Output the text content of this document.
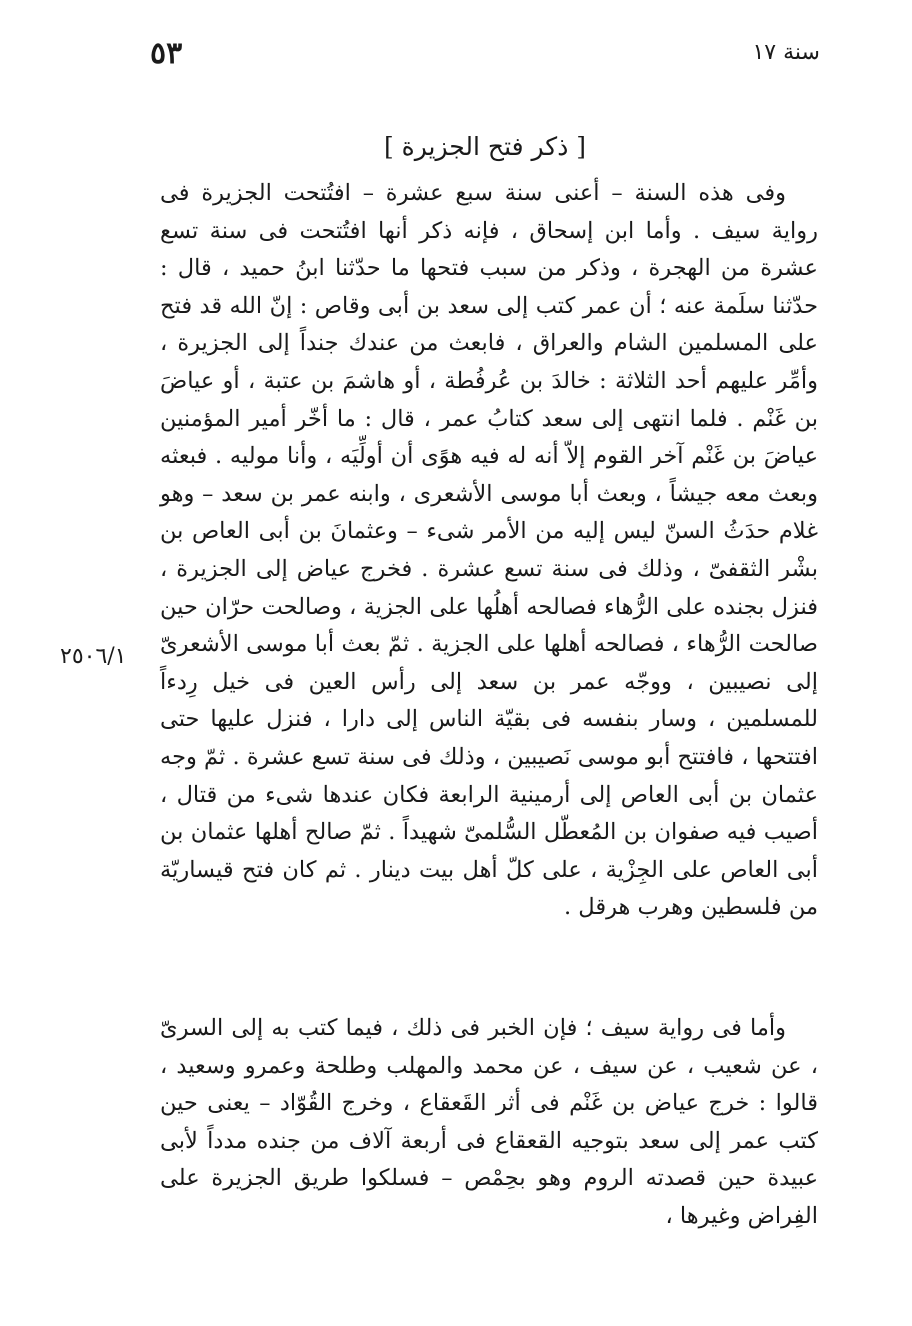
سنة ١٧
٥٣
[ ذكر فتح الجزيرة ]

وفى هذه السنة – أعنى سنة سبع عشرة – افتُتحت الجزيرة فى رواية سيف . وأما ابن إسحاق ، فإنه ذكر أنها افتُتحت فى سنة تسع عشرة من الهجرة ، وذكر من سبب فتحها ما حدّثنا ابنُ حميد ، قال : حدّثنا سلَمة عنه ؛ أن عمر كتب إلى سعد بن أبى وقاص : إنّ الله قد فتح على المسلمين الشام والعراق ، فابعث من عندك جنداً إلى الجزيرة ، وأمِّر عليهم أحد الثلاثة : خالدَ بن عُرفُطة ، أو هاشمَ بن عتبة ، أو عياضَ بن غَنْم . فلما انتهى إلى سعد كتابُ عمر ، قال : ما أخّر أمير المؤمنين عياضَ بن غَنْم آخر القوم إلاّ أنه له فيه هوًى أن أولِّيَه ، وأنا موليه . فبعثه وبعث معه جيشاً ، وبعث أبا موسى الأشعرى ، وابنه عمر بن سعد – وهو غلام حدَثُ السنّ ليس إليه من الأمر شىء – وعثمانَ بن أبى العاص بن بشْر الثقفىّ ، وذلك فى سنة تسع عشرة . فخرج عياض إلى الجزيرة ، فنزل بجنده على الرُّهاء فصالحه أهلُها على الجزية ، وصالحت حرّان حين صالحت الرُّهاء ، فصالحه أهلها على الجزية . ثمّ بعث أبا موسى الأشعرىّ إلى نصيبين ، ووجّه عمر بن سعد إلى رأس العين فى خيل رِدءاً للمسلمين ، وسار بنفسه فى بقيّة الناس إلى دارا ، فنزل عليها حتى افتتحها ، فافتتح أبو موسى نَصيبين ، وذلك فى سنة تسع عشرة . ثمّ وجه عثمان بن أبى العاص إلى أرمينية الرابعة فكان عندها شىء من قتال ، أصيب فيه صفوان بن المُعطّل السُّلمىّ شهيداً . ثمّ صالح أهلها عثمان بن أبى العاص على الجِزْية ، على كلّ أهل بيت دينار . ثم كان فتح قيساريّة من فلسطين وهرب هرقل .

٢٥٠٦/١

وأما فى رواية سيف ؛ فإن الخبر فى ذلك ، فيما كتب به إلى السرىّ ، عن شعيب ، عن سيف ، عن محمد والمهلب وطلحة وعمرو وسعيد ، قالوا : خرج عياض بن غَنْم فى أثر القَعقاع ، وخرج القُوّاد – يعنى حين كتب عمر إلى سعد بتوجيه القعقاع فى أربعة آلاف من جنده مدداً لأبى عبيدة حين قصدته الروم وهو بحِمْص – فسلكوا طريق الجزيرة على الفِراض وغيرها ،
